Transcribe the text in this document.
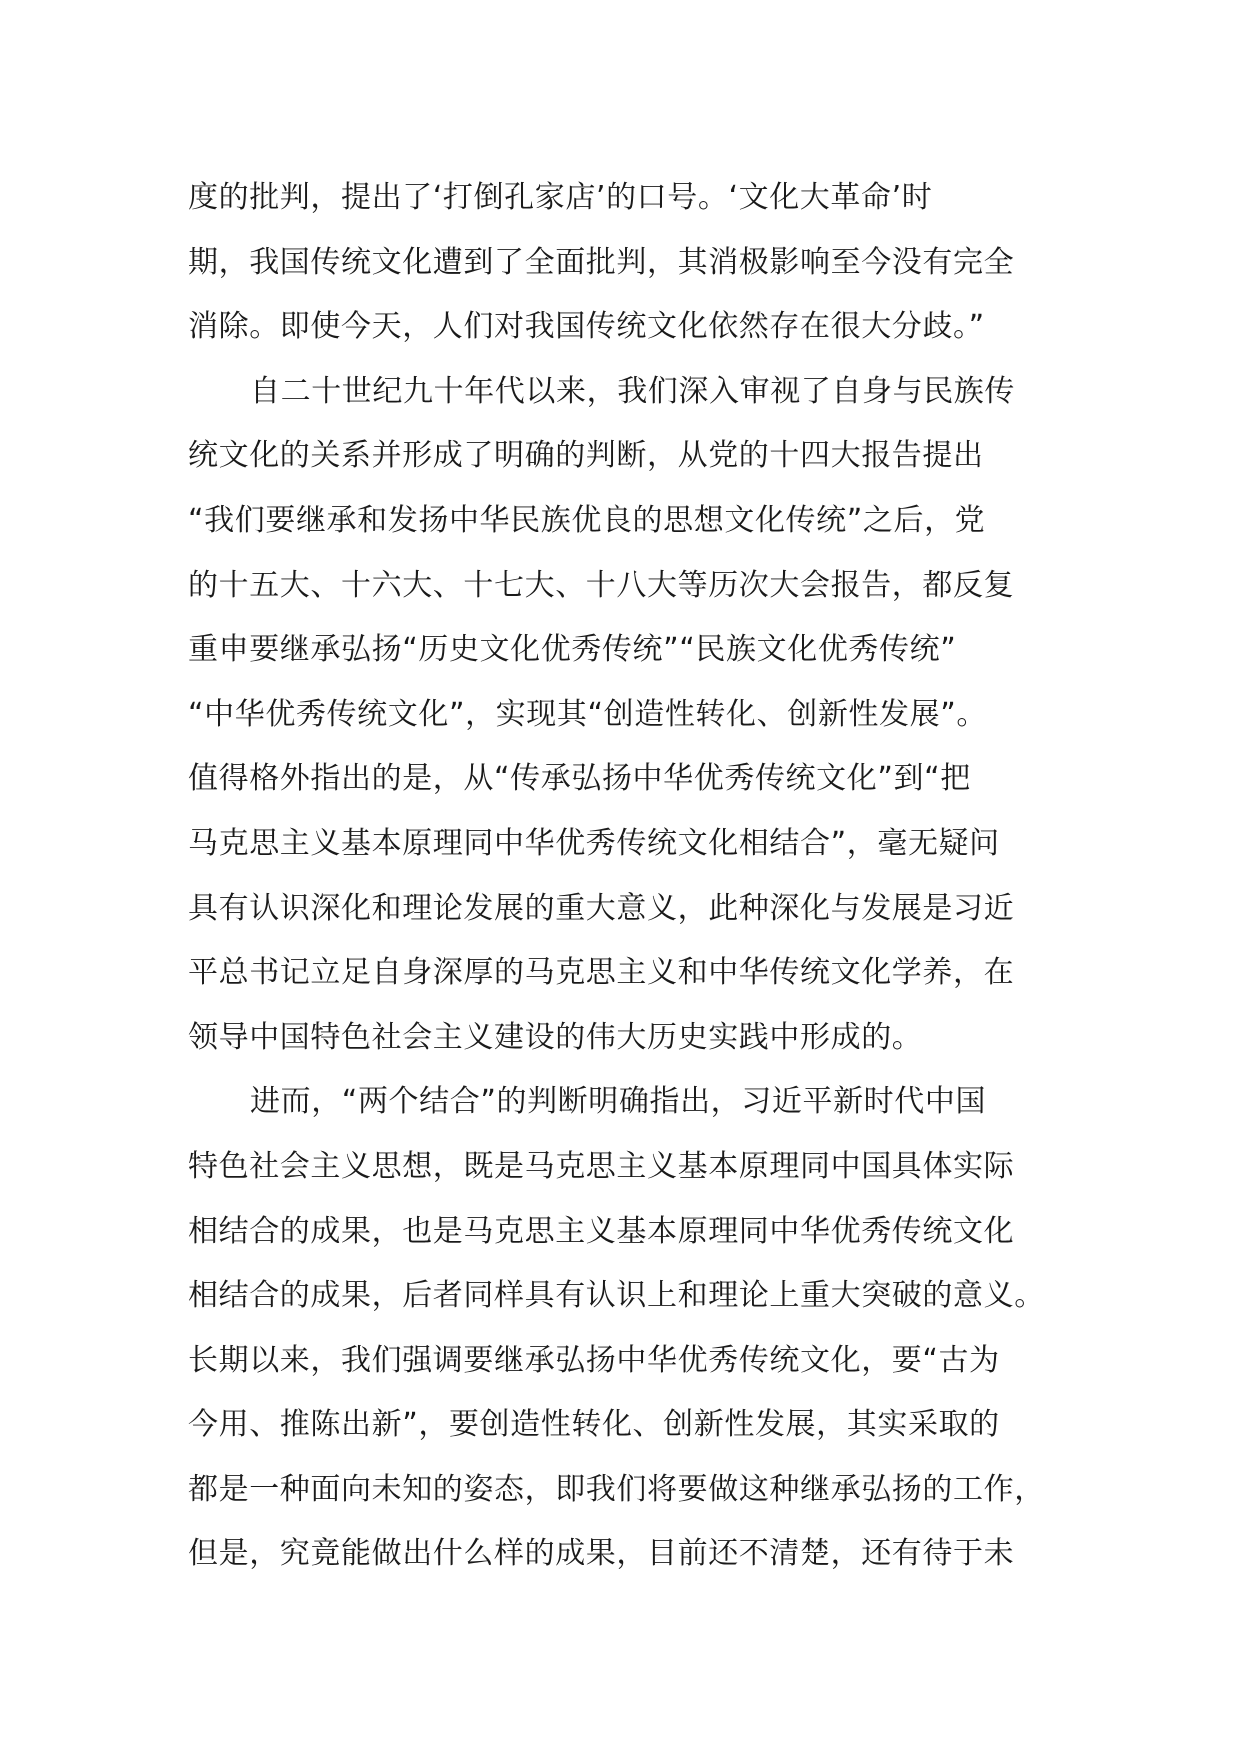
度的批判，提出了‘打倒孔家店’的口号。‘文化大革命’时
期，我国传统文化遭到了全面批判，其消极影响至今没有完全
消除。即使今天，人们对我国传统文化依然存在很大分歧。”
自二十世纪九十年代以来，我们深入审视了自身与民族传
统文化的关系并形成了明确的判断，从党的十四大报告提出
“我们要继承和发扬中华民族优良的思想文化传统”之后，党
的十五大、十六大、十七大、十八大等历次大会报告，都反复
重申要继承弘扬“历史文化优秀传统”“民族文化优秀传统”
“中华优秀传统文化”，实现其“创造性转化、创新性发展”。
值得格外指出的是，从“传承弘扬中华优秀传统文化”到“把
马克思主义基本原理同中华优秀传统文化相结合”，毫无疑问
具有认识深化和理论发展的重大意义，此种深化与发展是习近
平总书记立足自身深厚的马克思主义和中华传统文化学养，在
领导中国特色社会主义建设的伟大历史实践中形成的。
进而，“两个结合”的判断明确指出，习近平新时代中国
特色社会主义思想，既是马克思主义基本原理同中国具体实际
相结合的成果，也是马克思主义基本原理同中华优秀传统文化
相结合的成果，后者同样具有认识上和理论上重大突破的意义。
长期以来，我们强调要继承弘扬中华优秀传统文化，要“古为
今用、推陈出新”，要创造性转化、创新性发展，其实采取的
都是一种面向未知的姿态，即我们将要做这种继承弘扬的工作，
但是，究竟能做出什么样的成果，目前还不清楚，还有待于未
